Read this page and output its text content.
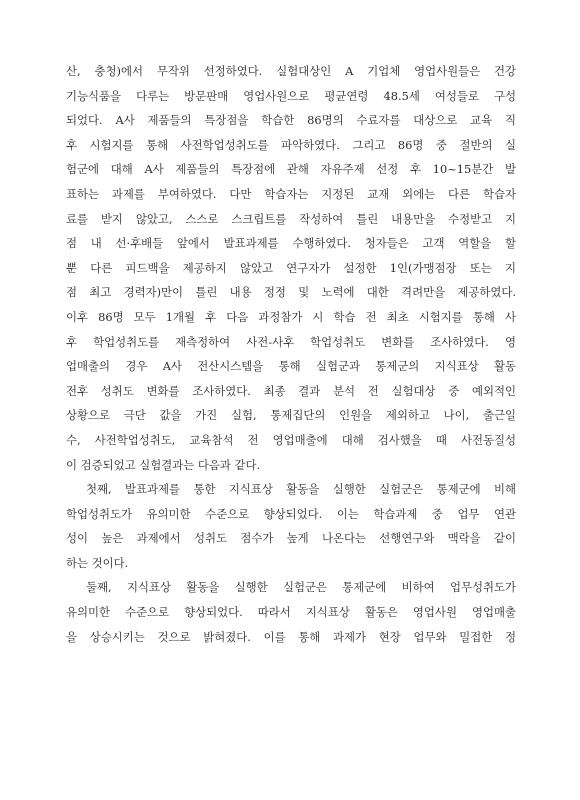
산, 충청)에서 무작위 선정하였다. 실험대상인 A 기업체 영업사원들은 건강
기능식품을 다루는 방문판매 영업사원으로 평균연령 48.5세 여성들로 구성
되었다. A사 제품들의 특장점을 학습한 86명의 수료자를 대상으로 교육 직
후 시험지를 통해 사전학업성취도를 파악하였다. 그리고 86명 중 절반의 실
험군에 대해 A사 제품들의 특장점에 관해 자유주제 선정 후 10~15분간 발
표하는 과제를 부여하였다. 다만 학습자는 지정된 교재 외에는 다른 학습자
료를 받지 않았고, 스스로 스크립트를 작성하여 틀린 내용만을 수정받고 지
점 내 선·후배들 앞에서 발표과제를 수행하였다. 청자들은 고객 역할을 할
뿐 다른 피드백을 제공하지 않았고 연구자가 설정한 1인(가맹점장 또는 지
점 최고 경력자)만이 틀린 내용 정정 및 노력에 대한 격려만을 제공하였다.
이후 86명 모두 1개월 후 다음 과정참가 시 학습 전 최초 시험지를 통해 사
후 학업성취도를 재측정하여 사전-사후 학업성취도 변화를 조사하였다. 영
업매출의 경우 A사 전산시스템을 통해 실험군과 통제군의 지식표상 활동
전후 성취도 변화를 조사하였다. 최종 결과 분석 전 실험대상 중 예외적인
상황으로 극단 값을 가진 실험, 통제집단의 인원을 제외하고 나이, 출근일
수, 사전학업성취도, 교육참석 전 영업매출에 대해 검사했을 때 사전동질성
이 검증되었고 실험결과는 다음과 같다.
첫째, 발표과제를 통한 지식표상 활동을 실행한 실험군은 통제군에 비해
학업성취도가 유의미한 수준으로 향상되었다. 이는 학습과제 중 업무 연관
성이 높은 과제에서 성취도 점수가 높게 나온다는 선행연구와 맥락을 같이
하는 것이다.
둘째, 지식표상 활동을 실행한 실험군은 통제군에 비하여 업무성취도가
유의미한 수준으로 향상되었다. 따라서 지식표상 활동은 영업사원 영업매출
을 상승시키는 것으로 밝혀졌다. 이를 통해 과제가 현장 업무와 밀접한 정
